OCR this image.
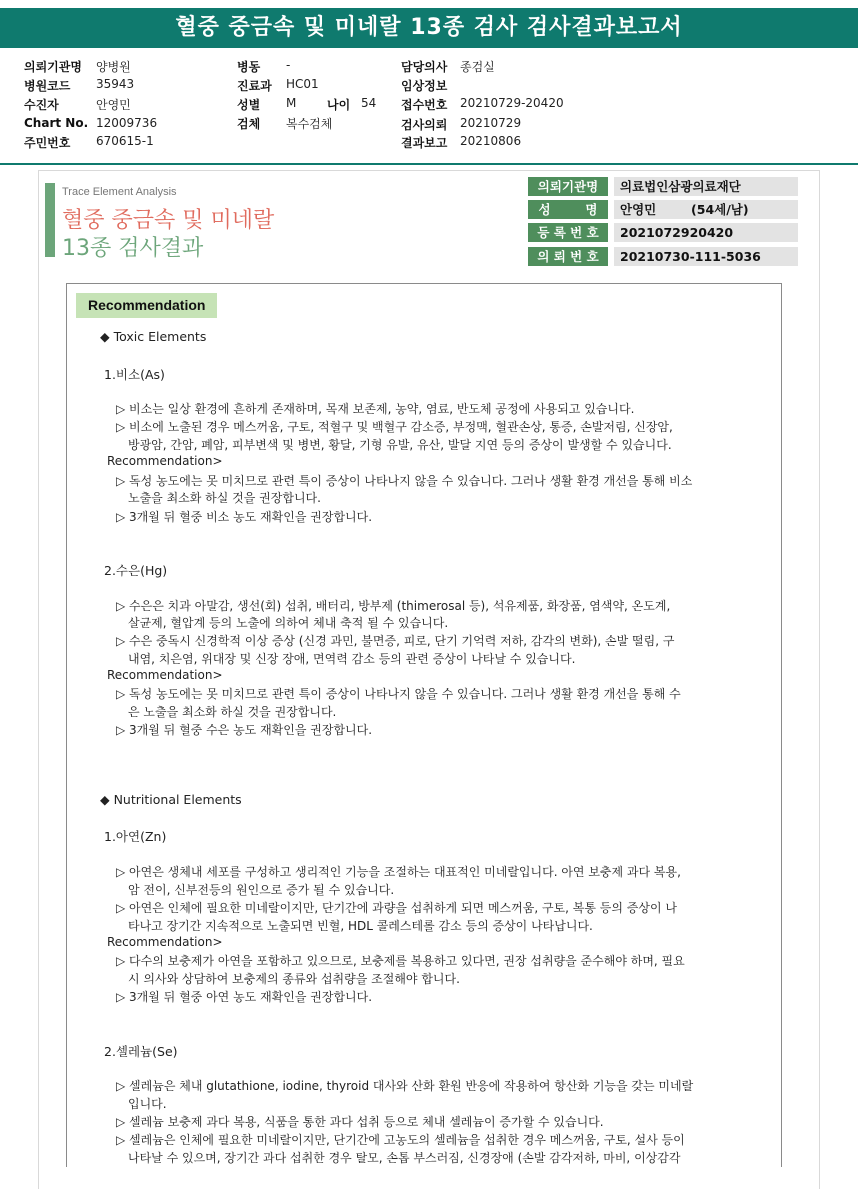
혈중 중금속 및 미네랄 13종 검사 검사결과보고서
의뢰기관명 양병원
병원코드 35943
수진자	안영민
Chart No. 12009736
주민번호 670615-1
병동 -
진료과 HC01
성별 M	나이 54
검체 복수검체
담당의사 종검실
임상정보
접수번호 20210729-20420
검사의뢰 20210729
결과보고 20210806
Trace Element Analysis
혈중 중금속 및 미네랄
13종 검사결과
의뢰기관명	의료법인삼광의료재단
성        명	안영민        (54세/남)
등 록 번 호	2021072920420
의 뢰 번 호	20210730-111-5036
Recommendation
◆ Toxic Elements
1.비소(As)
▷ 비소는 일상 환경에 흔하게 존재하며, 목재 보존제, 농약, 염료, 반도체 공정에 사용되고 있습니다.
▷ 비소에 노출된 경우 메스꺼움, 구토, 적혈구 및 백혈구 감소증, 부정맥, 혈관손상, 통증, 손발저림, 신장암,
방광암, 간암, 폐암, 피부변색 및 병변, 황달, 기형 유발, 유산, 발달 지연 등의 증상이 발생할 수 있습니다.
Recommendation>
▷ 독성 농도에는 못 미치므로 관련 특이 증상이 나타나지 않을 수 있습니다. 그러나 생활 환경 개선을 통해 비소
노출을 최소화 하실 것을 권장합니다.
▷ 3개월 뒤 혈중 비소 농도 재확인을 권장합니다.
2.수은(Hg)
▷ 수은은 치과 아말감, 생선(회) 섭취, 배터리, 방부제 (thimerosal 등), 석유제품, 화장품, 염색약, 온도계,
살균제, 혈압계 등의 노출에 의하여 체내 축적 될 수 있습니다.
▷ 수은 중독시 신경학적 이상 증상 (신경 과민, 불면증, 피로, 단기 기억력 저하, 감각의 변화), 손발 떨림, 구
내염, 치은염, 위대장 및 신장 장애, 면역력 감소 등의 관련 증상이 나타날 수 있습니다.
Recommendation>
▷ 독성 농도에는 못 미치므로 관련 특이 증상이 나타나지 않을 수 있습니다. 그러나 생활 환경 개선을 통해 수
은 노출을 최소화 하실 것을 권장합니다.
▷ 3개월 뒤 혈중 수은 농도 재확인을 권장합니다.
◆ Nutritional Elements
1.아연(Zn)
▷ 아연은 생체내 세포를 구성하고 생리적인 기능을 조절하는 대표적인 미네랄입니다. 아연 보충제 과다 복용,
암 전이, 신부전등의 원인으로 증가 될 수 있습니다.
▷ 아연은 인체에 필요한 미네랄이지만, 단기간에 과량을 섭취하게 되면 메스꺼움, 구토, 복통 등의 증상이 나
타나고 장기간 지속적으로 노출되면 빈혈, HDL 콜레스테롤 감소 등의 증상이 나타납니다.
Recommendation>
▷ 다수의 보충제가 아연을 포함하고 있으므로, 보충제를 복용하고 있다면, 권장 섭취량을 준수해야 하며, 필요
시 의사와 상담하여 보충제의 종류와 섭취량을 조절해야 합니다.
▷ 3개월 뒤 혈중 아연 농도 재확인을 권장합니다.
2.셀레늄(Se)
▷ 셀레늄은 체내 glutathione, iodine, thyroid 대사와 산화 환원 반응에 작용하여 항산화 기능을 갖는 미네랄
입니다.
▷ 셀레늄 보충제 과다 복용, 식품을 통한 과다 섭취 등으로 체내 셀레늄이 증가할 수 있습니다.
▷ 셀레늄은 인체에 필요한 미네랄이지만, 단기간에 고농도의 셀레늄을 섭취한 경우 메스꺼움, 구토, 설사 등이
나타날 수 있으며, 장기간 과다 섭취한 경우 탈모, 손톱 부스러짐, 신경장애 (손발 감각저하, 마비, 이상감각
